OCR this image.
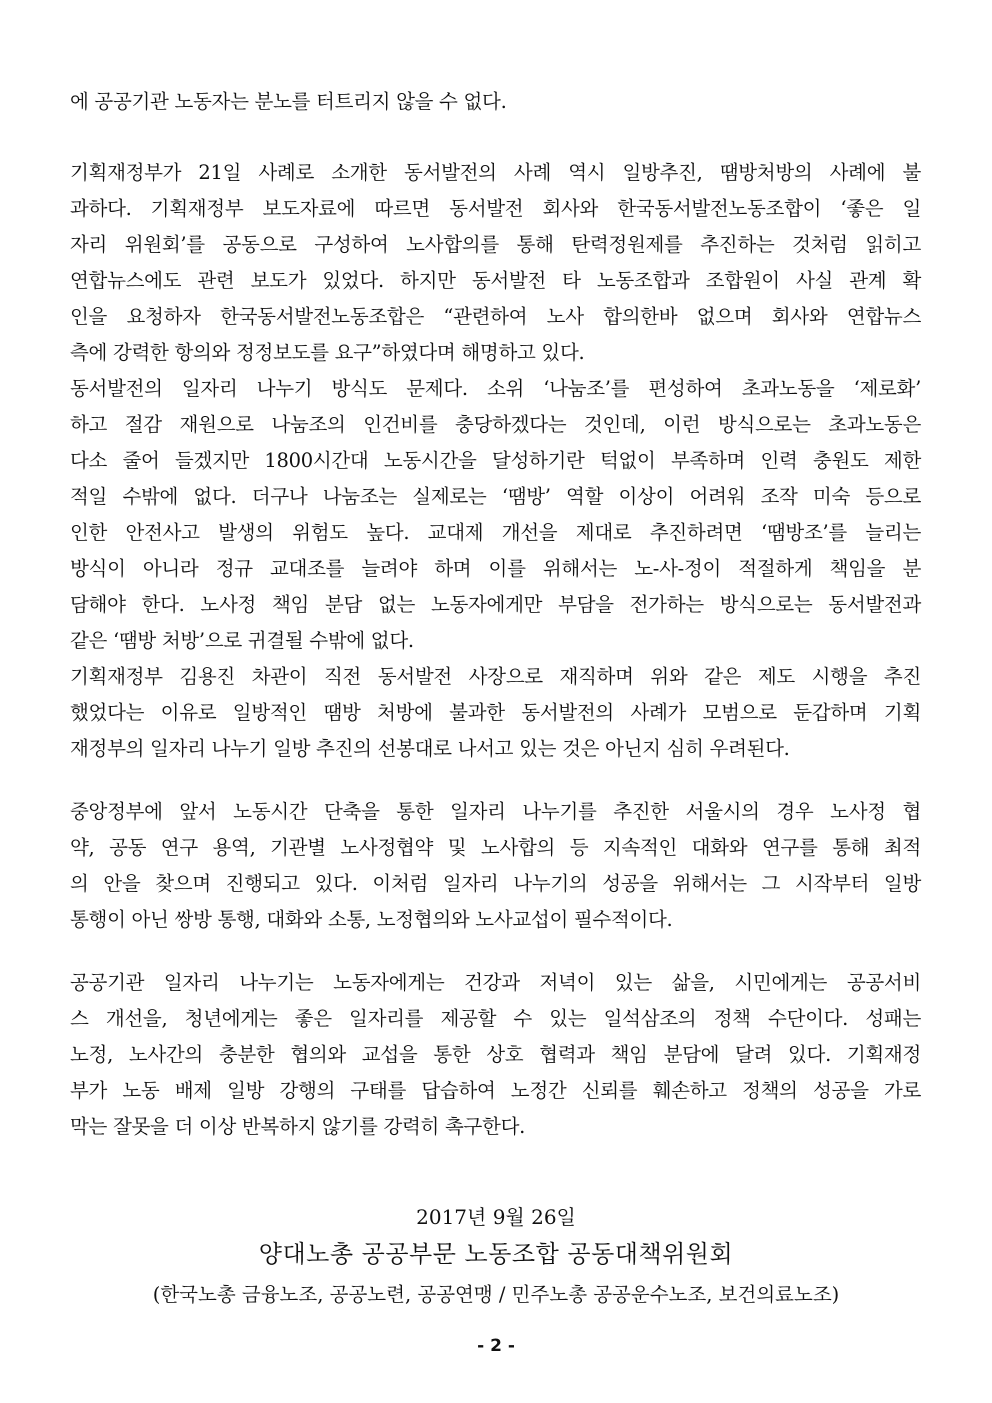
에 공공기관 노동자는 분노를 터트리지 않을 수 없다.
기획재정부가 21일 사례로 소개한 동서발전의 사례 역시 일방추진, 땜방처방의 사례에 불
과하다. 기획재정부 보도자료에 따르면 동서발전 회사와 한국동서발전노동조합이 ‘좋은 일
자리 위원회’를 공동으로 구성하여 노사합의를 통해 탄력정원제를 추진하는 것처럼 읽히고
연합뉴스에도 관련 보도가 있었다. 하지만 동서발전 타 노동조합과 조합원이 사실 관계 확
인을 요청하자 한국동서발전노동조합은 “관련하여 노사 합의한바 없으며 회사와 연합뉴스
측에 강력한 항의와 정정보도를 요구”하였다며 해명하고 있다.
동서발전의 일자리 나누기 방식도 문제다. 소위 ‘나눔조’를 편성하여 초과노동을 ‘제로화’
하고 절감 재원으로 나눔조의 인건비를 충당하겠다는 것인데, 이런 방식으로는 초과노동은
다소 줄어 들겠지만 1800시간대 노동시간을 달성하기란 턱없이 부족하며 인력 충원도 제한
적일 수밖에 없다. 더구나 나눔조는 실제로는 ‘땜방’ 역할 이상이 어려워 조작 미숙 등으로
인한 안전사고 발생의 위험도 높다. 교대제 개선을 제대로 추진하려면 ‘땜방조’를 늘리는
방식이 아니라 정규 교대조를 늘려야 하며 이를 위해서는 노-사-정이 적절하게 책임을 분
담해야 한다. 노사정 책임 분담 없는 노동자에게만 부담을 전가하는 방식으로는 동서발전과
같은 ‘땜방 처방’으로 귀결될 수밖에 없다.
기획재정부 김용진 차관이 직전 동서발전 사장으로 재직하며 위와 같은 제도 시행을 추진
했었다는 이유로 일방적인 땜방 처방에 불과한 동서발전의 사례가 모범으로 둔갑하며 기획
재정부의 일자리 나누기 일방 추진의 선봉대로 나서고 있는 것은 아닌지 심히 우려된다.
중앙정부에 앞서 노동시간 단축을 통한 일자리 나누기를 추진한 서울시의 경우 노사정 협
약, 공동 연구 용역, 기관별 노사정협약 및 노사합의 등 지속적인 대화와 연구를 통해 최적
의 안을 찾으며 진행되고 있다. 이처럼 일자리 나누기의 성공을 위해서는 그 시작부터 일방
통행이 아닌 쌍방 통행, 대화와 소통, 노정협의와 노사교섭이 필수적이다.
공공기관 일자리 나누기는 노동자에게는 건강과 저녁이 있는 삶을, 시민에게는 공공서비
스 개선을, 청년에게는 좋은 일자리를 제공할 수 있는 일석삼조의 정책 수단이다. 성패는
노정, 노사간의 충분한 협의와 교섭을 통한 상호 협력과 책임 분담에 달려 있다. 기획재정
부가 노동 배제 일방 강행의 구태를 답습하여 노정간 신뢰를 훼손하고 정책의 성공을 가로
막는 잘못을 더 이상 반복하지 않기를 강력히 촉구한다.
2017년 9월 26일
양대노총 공공부문 노동조합 공동대책위원회
(한국노총 금융노조, 공공노련, 공공연맹 / 민주노총 공공운수노조, 보건의료노조)
- 2 -
